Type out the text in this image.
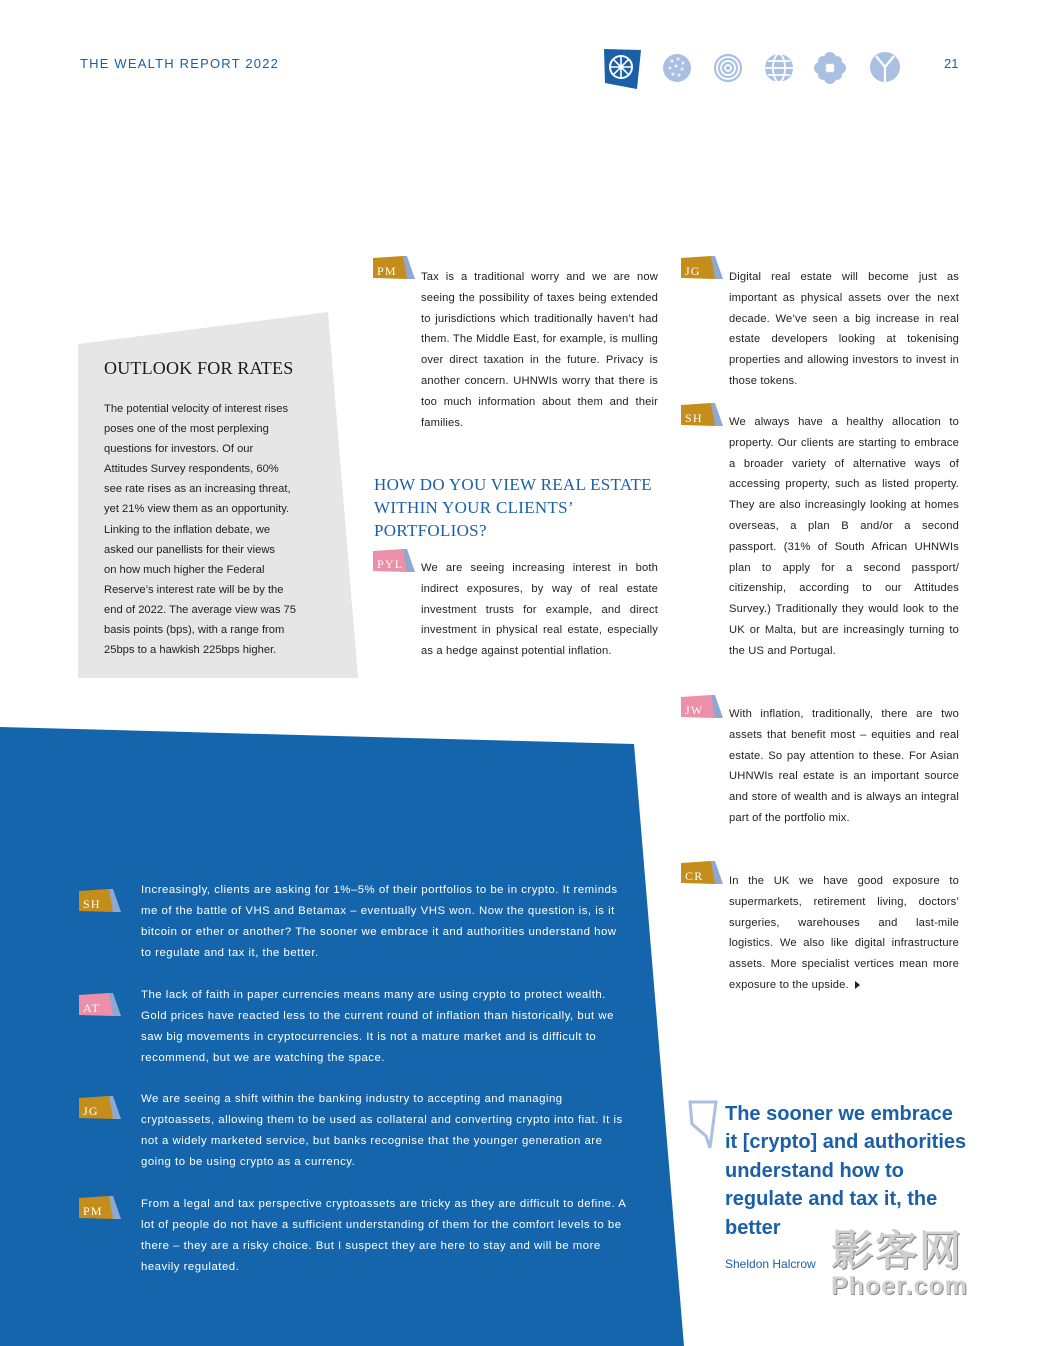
THE WEALTH REPORT 2022	21
OUTLOOK FOR RATES
The potential velocity of interest rises
poses one of the most perplexing
questions for investors. Of our
Attitudes Survey respondents, 60%
see rate rises as an increasing threat,
yet 21% view them as an opportunity.
Linking to the inflation debate, we
asked our panellists for their views
on how much higher the Federal
Reserve’s interest rate will be by the
end of 2022. The average view was 75
basis points (bps), with a range from
25bps to a hawkish 225bps higher.
PM Tax is a traditional worry and we are now seeing the possibility of taxes being extended to jurisdictions which traditionally haven’t had them. The Middle East, for example, is mulling over direct taxation in the future. Privacy is another concern. UHNWIs worry that there is too much information about them and their families.
HOW DO YOU VIEW REAL ESTATE WITHIN YOUR CLIENTS’ PORTFOLIOS?
PYL We are seeing increasing interest in both indirect exposures, by way of real estate investment trusts for example, and direct investment in physical real estate, especially as a hedge against potential inflation.
JG	Digital real estate will become just as important as physical assets over the next decade. We’ve seen a big increase in real estate developers looking at tokenising properties and allowing investors to invest in those tokens.
SH We always have a healthy allocation to property. Our clients are starting to embrace a broader variety of alternative ways of accessing property, such as listed property. They are also increasingly looking at homes overseas, a plan B and/or a second passport. (31% of South African UHNWIs plan to apply for a second passport/ citizenship, according to our Attitudes Survey.) Traditionally they would look to the UK or Malta, but are increasingly turning to the US and Portugal.
JW With inflation, traditionally, there are two assets that benefit most – equities and real estate. So pay attention to these. For Asian UHNWIs real estate is an important source and store of wealth and is always an integral part of the portfolio mix.
CR In the UK we have good exposure to supermarkets, retirement living, doctors’ surgeries, warehouses and last-mile logistics. We also like digital infrastructure assets. More specialist vertices mean more exposure to the upside.
SH
Increasingly, clients are asking for 1%–5% of their portfolios to be in crypto. It reminds me of the battle of VHS and Betamax – eventually VHS won. Now the question is, is it bitcoin or ether or another? The sooner we embrace it and authorities understand how to regulate and tax it, the better.
AT
The lack of faith in paper currencies means many are using crypto to protect wealth. Gold prices have reacted less to the current round of inflation than historically, but we saw big movements in cryptocurrencies. It is not a mature market and is difficult to recommend, but we are watching the space.
JG
We are seeing a shift within the banking industry to accepting and managing cryptoassets, allowing them to be used as collateral and converting crypto into fiat. It is not a widely marketed service, but banks recognise that the younger generation are going to be using crypto as a currency.
PM	From a legal and tax perspective cryptoassets are tricky as they are difficult to define. A lot of people do not have a sufficient understanding of them for the comfort levels to be there – they are a risky choice. But I suspect they are here to stay and will be more heavily regulated.
The sooner we embrace it [crypto] and authorities understand how to regulate and tax it, the better
Sheldon Halcrow 影客网
Phoer.com
